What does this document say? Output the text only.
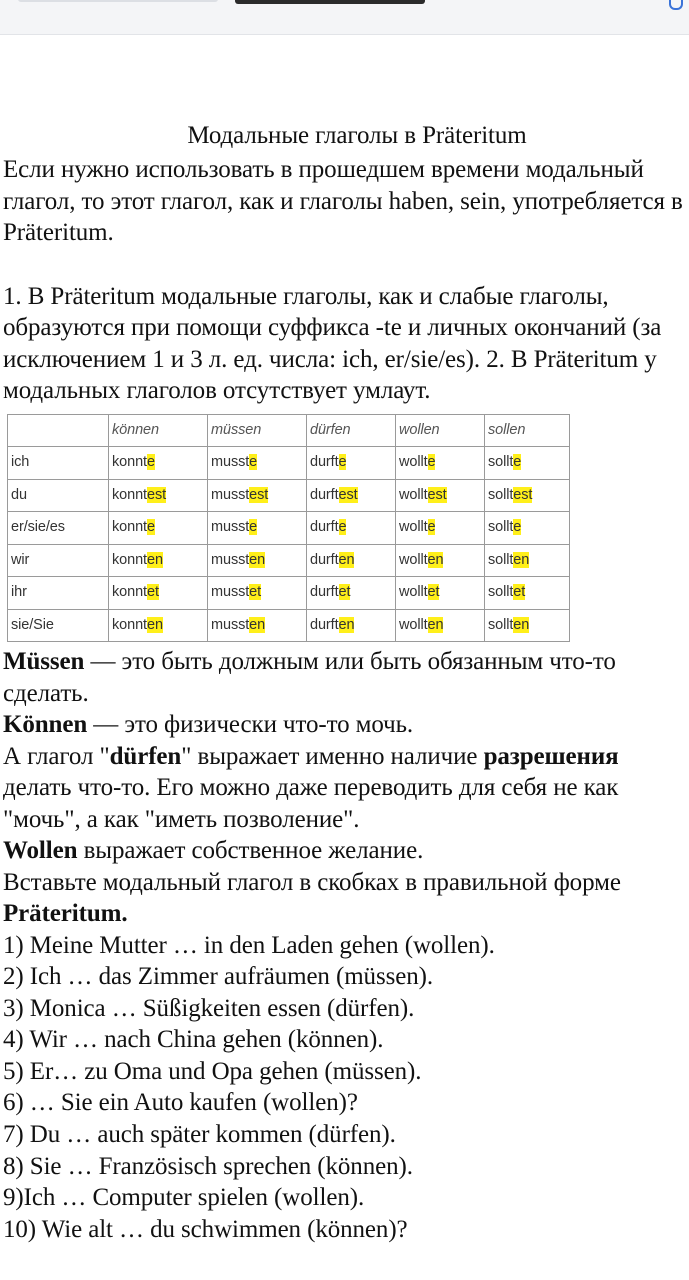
Модальные глаголы в Präteritum

Если нужно использовать в прошедшем времени модальный глагол, то этот глагол, как и глаголы haben, sein, употребляется в Präteritum.

1. В Präteritum модальные глаголы, как и слабые глаголы, образуются при помощи суффикса -te и личных окончаний (за исключением 1 и 3 л. ед. числа: ich, er/sie/es). 2. В Präteritum у модальных глаголов отсутствует умлаут.

	können	müssen	dürfen	wollen	sollen
ich	konnte	musste	durfte	wollte	sollte
du	konntest	musstest	durftest	wolltest	solltest
er/sie/es	konnte	musste	durfte	wollte	sollte
wir	konnten	mussten	durften	wollten	sollten
ihr	konntet	musstet	durftet	wolltet	solltet
sie/Sie	konnten	mussten	durften	wollten	sollten

Müssen — это быть должным или быть обязанным что-то сделать.

Können — это физически что-то мочь.

А глагол "dürfen" выражает именно наличие разрешения делать что-то. Его можно даже переводить для себя не как "мочь", а как "иметь позволение".

Wollen выражает собственное желание.

Вставьте модальный глагол в скобках в правильной форме Präteritum.

1) Meine Mutter … in den Laden gehen (wollen).

2) Ich … das Zimmer aufräumen (müssen).

3) Monica … Süßigkeiten essen (dürfen).

4) Wir … nach China gehen (können).

5) Er… zu Oma und Opa gehen (müssen).

6) … Sie ein Auto kaufen (wollen)?

7) Du … auch später kommen (dürfen).

8) Sie … Französisch sprechen (können).

9)Ich … Computer spielen (wollen).

10) Wie alt … du schwimmen (können)?
